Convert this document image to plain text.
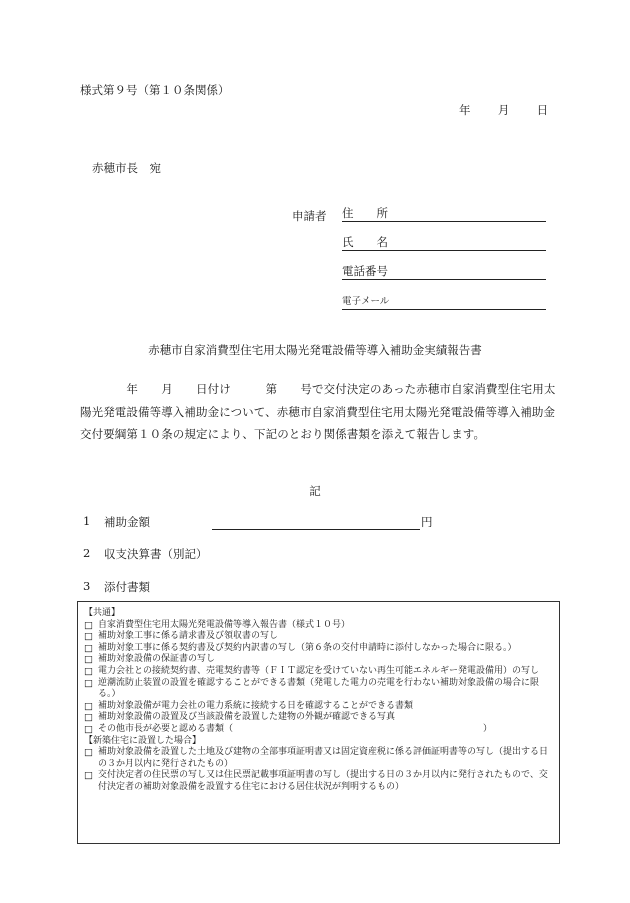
様式第９号（第１０条関係）
年 月 日
赤穂市長　宛
申請者 住　　所
氏　　名
電話番号
電子メール
赤穂市自家消費型住宅用太陽光発電設備等導入補助金実績報告書
　　　　年　　月　　日付け　　　第　　号で交付決定のあった赤穂市自家消費型住宅用太陽光発電設備等導入補助金について、赤穂市自家消費型住宅用太陽光発電設備等導入補助金交付要綱第１０条の規定により、下記のとおり関係書類を添えて報告します。
記
1 補助金額	円
2 収支決算書（別記）
3 添付書類
【共通】
□ 自家消費型住宅用太陽光発電設備等導入報告書（様式１０号）
□ 補助対象工事に係る請求書及び領収書の写し
□ 補助対象工事に係る契約書及び契約内訳書の写し（第６条の交付申請時に添付しなかった場合に限る。）
□ 補助対象設備の保証書の写し
□ 電力会社との接続契約書、売電契約書等（ＦＩＴ認定を受けていない再生可能エネルギー発電設備用）の写し
□ 逆潮流防止装置の設置を確認することができる書類（発電した電力の売電を行わない補助対象設備の場合に限る。）
□ 補助対象設備が電力会社の電力系統に接続する日を確認することができる書類
□ 補助対象設備の設置及び当該設備を設置した建物の外観が確認できる写真
□ その他市長が必要と認める書類（	）
【新築住宅に設置した場合】
□ 補助対象設備を設置した土地及び建物の全部事項証明書又は固定資産税に係る評価証明書等の写し（提出する日の３か月以内に発行されたもの）
□ 交付決定者の住民票の写し又は住民票記載事項証明書の写し（提出する日の３か月以内に発行されたもので、交付決定者の補助対象設備を設置する住宅における居住状況が判明するもの）
